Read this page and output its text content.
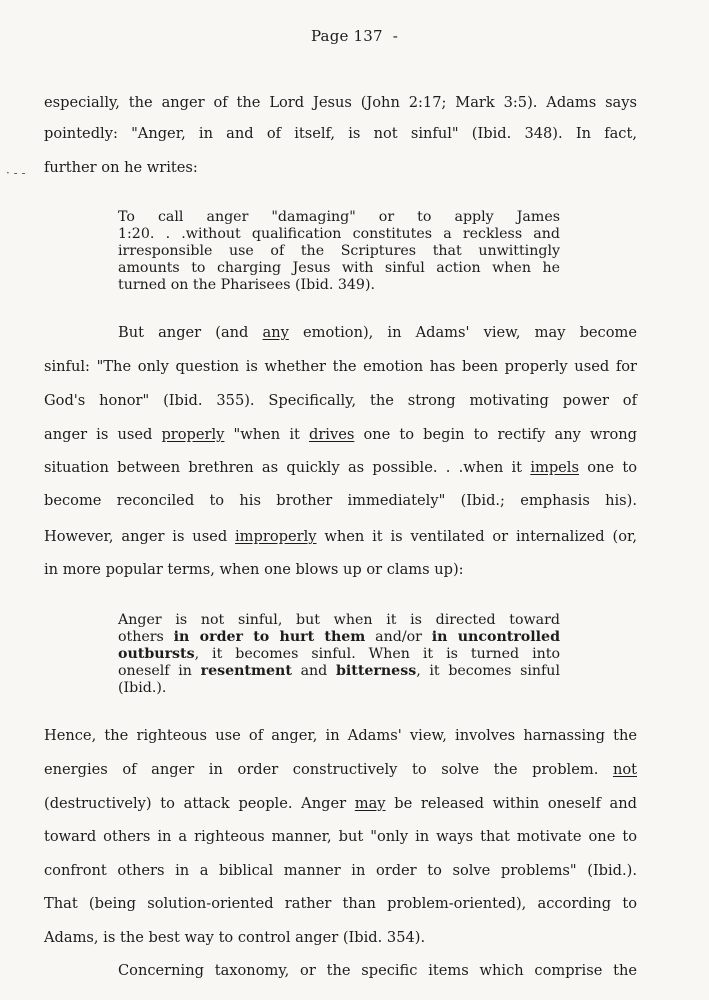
Page 137 -
· - -
especially, the anger of the Lord Jesus (John 2:17; Mark 3:5). Adams says
pointedly: "Anger, in and of itself, is not sinful" (Ibid. 348). In fact,
further on he writes:
To call anger "damaging" or to apply James
1:20. . .without qualification constitutes a reckless and
irresponsible use of the Scriptures that unwittingly
amounts to charging Jesus with sinful action when he
turned on the Pharisees (Ibid. 349).
But anger (and any emotion), in Adams' view, may become
sinful: "The only question is whether the emotion has been properly used for
God's honor" (Ibid. 355). Specifically, the strong motivating power of
anger is used properly "when it drives one to begin to rectify any wrong
situation between brethren as quickly as possible. . .when it impels one to
become reconciled to his brother immediately" (Ibid.; emphasis his).
However, anger is used improperly when it is ventilated or internalized (or,
in more popular terms, when one blows up or clams up):
Anger is not sinful, but when it is directed toward
others in order to hurt them and/or in uncontrolled
outbursts, it becomes sinful. When it is turned into
oneself in resentment and bitterness, it becomes sinful
(Ibid.).
Hence, the righteous use of anger, in Adams' view, involves harnassing the
energies of anger in order constructively to solve the problem. not
(destructively) to attack people. Anger may be released within oneself and
toward others in a righteous manner, but "only in ways that motivate one to
confront others in a biblical manner in order to solve problems" (Ibid.).
That (being solution-oriented rather than problem-oriented), according to
Adams, is the best way to control anger (Ibid. 354).
Concerning taxonomy, or the specific items which comprise the
